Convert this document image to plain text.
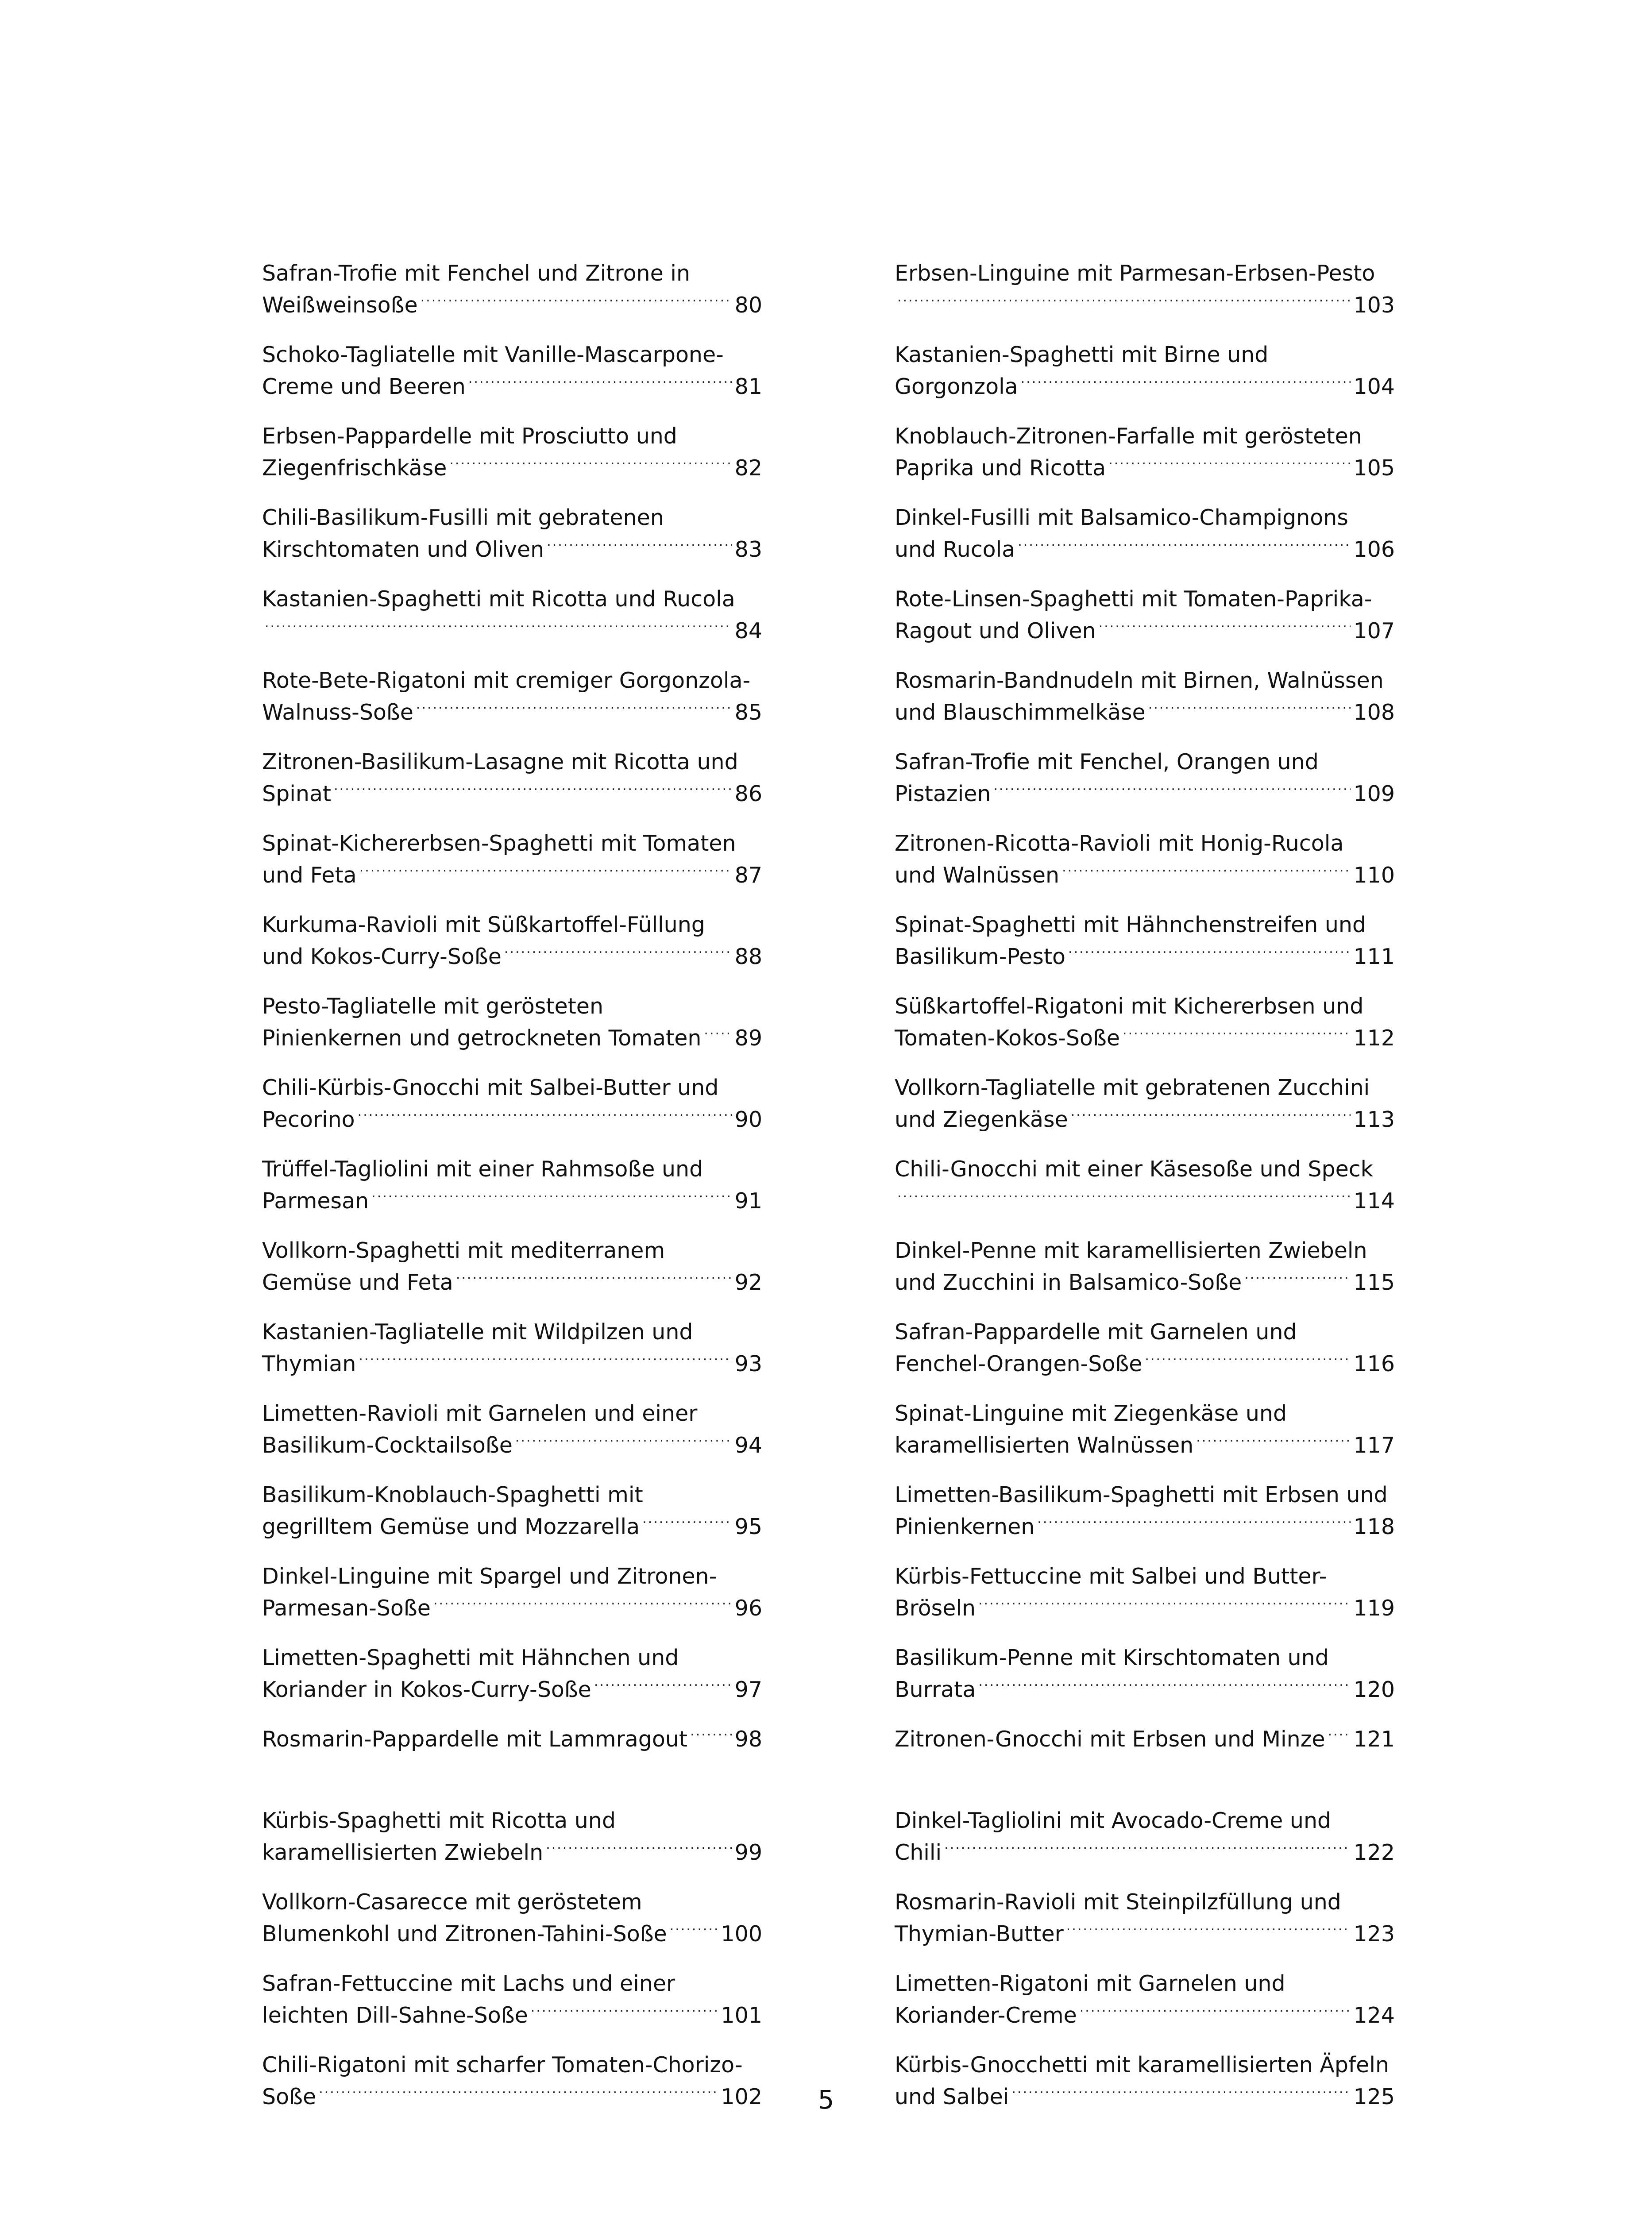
Safran-Trofie mit Fenchel und Zitrone in
Weißweinsoße .....	80
Schoko-Tagliatelle mit Vanille-Mascarpone-
Creme und Beeren .....	81
Erbsen-Pappardelle mit Prosciutto und
Ziegenfrischkäse .....	82
Chili-Basilikum-Fusilli mit gebratenen
Kirschtomaten und Oliven .....	83
Kastanien-Spaghetti mit Ricotta und Rucola
.....
84
Rote-Bete-Rigatoni mit cremiger Gorgonzola-
Walnuss-Soße .....	85
Zitronen-Basilikum-Lasagne mit Ricotta und
Spinat .....	86
Spinat-Kichererbsen-Spaghetti mit Tomaten
und Feta .....	87
Kurkuma-Ravioli mit Süßkartoffel-Füllung
und Kokos-Curry-Soße .....	88
Pesto-Tagliatelle mit gerösteten
Pinienkernen und getrockneten Tomaten ..... 89
Chili-Kürbis-Gnocchi mit Salbei-Butter und
Pecorino .....	90
Trüffel-Tagliolini mit einer Rahmsoße und
Parmesan .....	91
Vollkorn-Spaghetti mit mediterranem
Gemüse und Feta .....	92
Kastanien-Tagliatelle mit Wildpilzen und
Thymian .....	93
Limetten-Ravioli mit Garnelen und einer
Basilikum-Cocktailsoße .....	94
Basilikum-Knoblauch-Spaghetti mit
gegrilltem Gemüse und Mozzarella .....	95
Dinkel-Linguine mit Spargel und Zitronen-
Parmesan-Soße .....	96
Limetten-Spaghetti mit Hähnchen und
Koriander in Kokos-Curry-Soße .....	97
Rosmarin-Pappardelle mit Lammragout ..... 98
Kürbis-Spaghetti mit Ricotta und
karamellisierten Zwiebeln .....	99
Vollkorn-Casarecce mit geröstetem
Blumenkohl und Zitronen-Tahini-Soße ..... 100
Safran-Fettuccine mit Lachs und einer
leichten Dill-Sahne-Soße .....	101
Chili-Rigatoni mit scharfer Tomaten-Chorizo-
Soße .....	102
Erbsen-Linguine mit Parmesan-Erbsen-Pesto
.....
103
Kastanien-Spaghetti mit Birne und
Gorgonzola .....	104
Knoblauch-Zitronen-Farfalle mit gerösteten
Paprika und Ricotta .....	105
Dinkel-Fusilli mit Balsamico-Champignons
und Rucola .....	106
Rote-Linsen-Spaghetti mit Tomaten-Paprika-
Ragout und Oliven .....	107
Rosmarin-Bandnudeln mit Birnen, Walnüssen
und Blauschimmelkäse .....	108
Safran-Trofie mit Fenchel, Orangen und
Pistazien .....	109
Zitronen-Ricotta-Ravioli mit Honig-Rucola
und Walnüssen .....	110
Spinat-Spaghetti mit Hähnchenstreifen und
Basilikum-Pesto .....	111
Süßkartoffel-Rigatoni mit Kichererbsen und
Tomaten-Kokos-Soße .....	112
Vollkorn-Tagliatelle mit gebratenen Zucchini
und Ziegenkäse .....	113
Chili-Gnocchi mit einer Käsesoße und Speck
.....
114
Dinkel-Penne mit karamellisierten Zwiebeln
und Zucchini in Balsamico-Soße .....	115
Safran-Pappardelle mit Garnelen und
Fenchel-Orangen-Soße .....	116
Spinat-Linguine mit Ziegenkäse und
karamellisierten Walnüssen .....	117
Limetten-Basilikum-Spaghetti mit Erbsen und
Pinienkernen .....	118
Kürbis-Fettuccine mit Salbei und Butter-
Bröseln .....	119
Basilikum-Penne mit Kirschtomaten und
Burrata .....	120
Zitronen-Gnocchi mit Erbsen und Minze ..... 121
Dinkel-Tagliolini mit Avocado-Creme und
Chili .....	122
Rosmarin-Ravioli mit Steinpilzfüllung und
Thymian-Butter .....	123
Limetten-Rigatoni mit Garnelen und
Koriander-Creme .....	124
Kürbis-Gnocchetti mit karamellisierten Äpfeln
und Salbei .....	125
5
